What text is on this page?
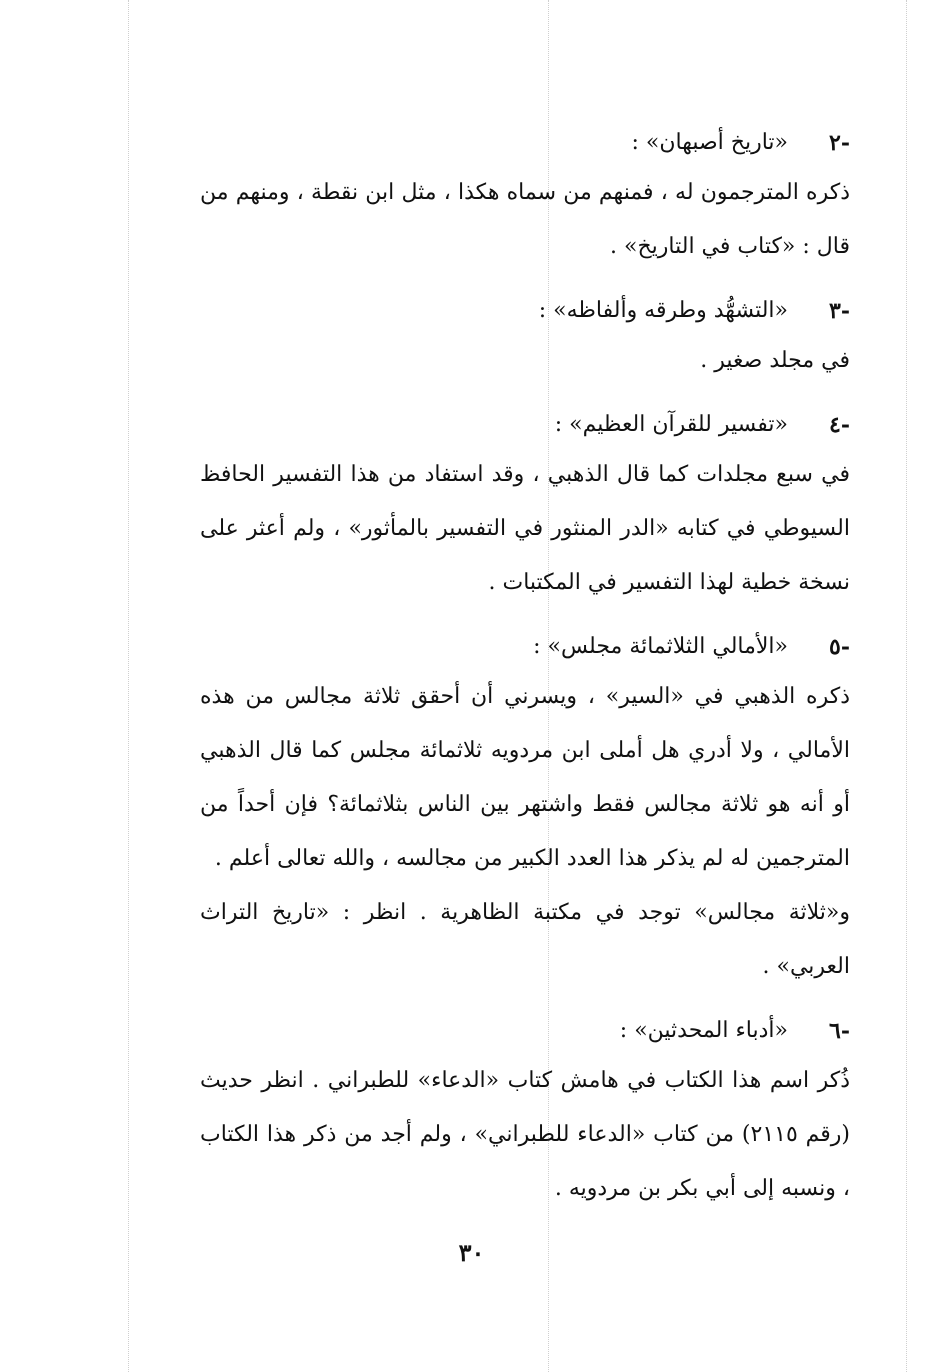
-٢
«تاريخ أصبهان» :

ذكره المترجمون له ، فمنهم من سماه هكذا ، مثل ابن نقطة ، ومنهم من قال : «كتاب في التاريخ» .

-٣
«التشهُّد وطرقه وألفاظه» :

في مجلد صغير .

-٤
«تفسير للقرآن العظيم» :

في سبع مجلدات كما قال الذهبي ، وقد استفاد من هذا التفسير الحافظ السيوطي في كتابه «الدر المنثور في التفسير بالمأثور» ، ولم أعثر على نسخة خطية لهذا التفسير في المكتبات .

-٥
«الأمالي الثلاثمائة مجلس» :

ذكره الذهبي في «السير» ، ويسرني أن أحقق ثلاثة مجالس من هذه الأمالي ، ولا أدري هل أملى ابن مردويه ثلاثمائة مجلس كما قال الذهبي أو أنه هو ثلاثة مجالس فقط واشتهر بين الناس بثلاثمائة؟ فإن أحداً من المترجمين له لم يذكر هذا العدد الكبير من مجالسه ، والله تعالى أعلم .

و«ثلاثة مجالس» توجد في مكتبة الظاهرية . انظر : «تاريخ التراث العربي» .

-٦
«أدباء المحدثين» :

ذُكر اسم هذا الكتاب في هامش كتاب «الدعاء» للطبراني . انظر حديث (رقم ٢١١٥) من كتاب «الدعاء للطبراني» ، ولم أجد من ذكر هذا الكتاب ، ونسبه إلى أبي بكر بن مردويه .

٣٠
